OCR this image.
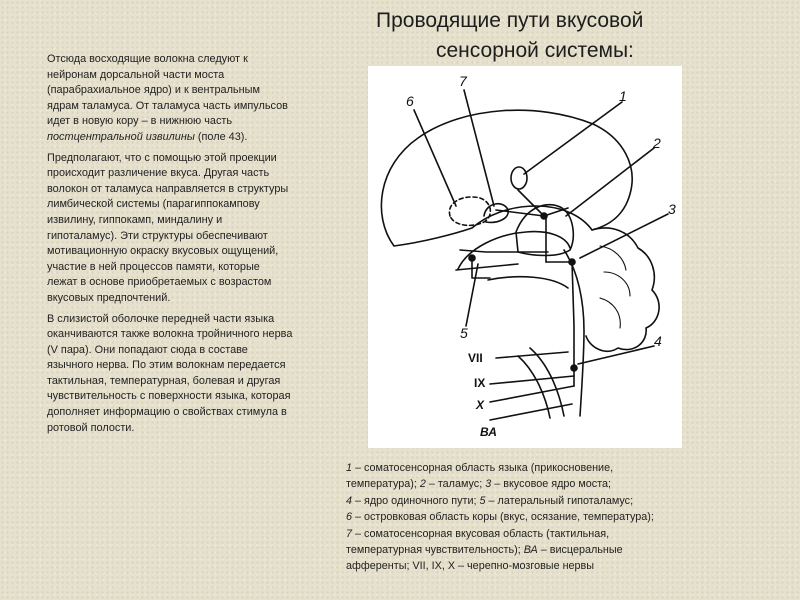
Проводящие пути вкусовой
сенсорной системы:

Отсюда восходящие волокна следуют к нейронам дорсальной части моста (парабрахиальное ядро) и к вентральным ядрам таламуса. От таламуса часть импульсов идет в новую кору – в нижнюю часть постцентральной извилины (поле 43).

Предполагают, что с помощью этой проекции происходит различение вкуса. Другая часть волокон от таламуса направляется в структуры лимбической системы (парагиппокампову извилину, гиппокамп, миндалину и гипоталамус). Эти структуры обеспечивают мотивационную окраску вкусовых ощущений, участие в ней процессов памяти, которые лежат в основе приобретаемых с возрастом вкусовых предпочтений.

В слизистой оболочке передней части языка оканчиваются также волокна тройничного нерва (V пара). Они попадают сюда в составе язычного нерва. По этим волокнам передается тактильная, температурная, болевая и другая чувствительность с поверхности языка, которая дополняет информацию о свойствах стимула в ротовой полости.

1
2
3
4
5
6
7
VII
IX
X
ВА
1 – соматосенсорная область языка (прикосновение,
температура); 2 – таламус; 3 – вкусовое ядро моста;
4 – ядро одиночного пути; 5 – латеральный гипоталамус;
6 – островковая область коры (вкус, осязание, температура);
7 – соматосенсорная вкусовая область (тактильная,
температурная чувствительность); ВА – висцеральные
афференты; VII, IX, X – черепно-мозговые нервы
